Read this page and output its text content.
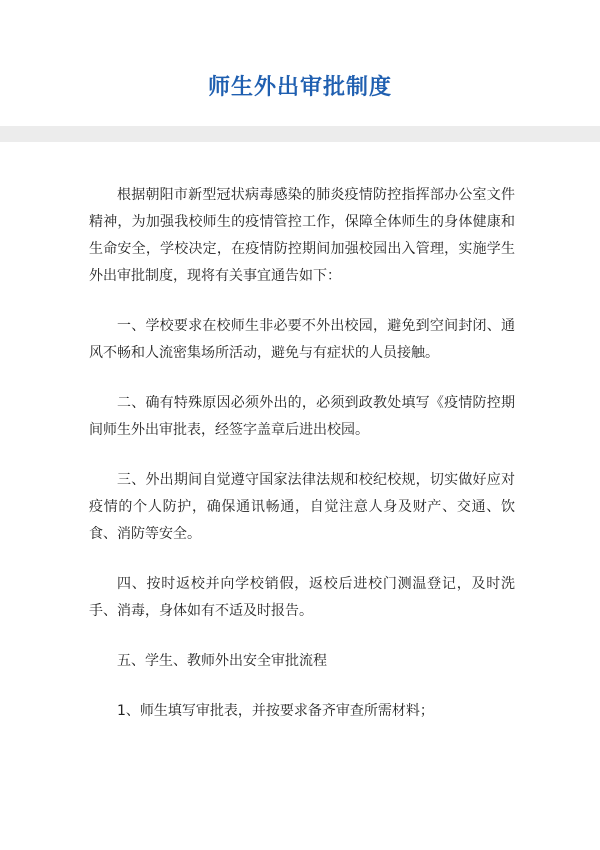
师生外出审批制度

根据朝阳市新型冠状病毒感染的肺炎疫情防控指挥部办公室文件精神，为加强我校师生的疫情管控工作，保障全体师生的身体健康和生命安全，学校决定，在疫情防控期间加强校园出入管理，实施学生外出审批制度，现将有关事宜通告如下：

一、学校要求在校师生非必要不外出校园，避免到空间封闭、通风不畅和人流密集场所活动，避免与有症状的人员接触。

二、确有特殊原因必须外出的，必须到政教处填写《疫情防控期间师生外出审批表，经签字盖章后进出校园。

三、外出期间自觉遵守国家法律法规和校纪校规，切实做好应对疫情的个人防护，确保通讯畅通，自觉注意人身及财产、交通、饮食、消防等安全。

四、按时返校并向学校销假，返校后进校门测温登记，及时洗手、消毒，身体如有不适及时报告。

五、学生、教师外出安全审批流程

1、师生填写审批表，并按要求备齐审查所需材料；
